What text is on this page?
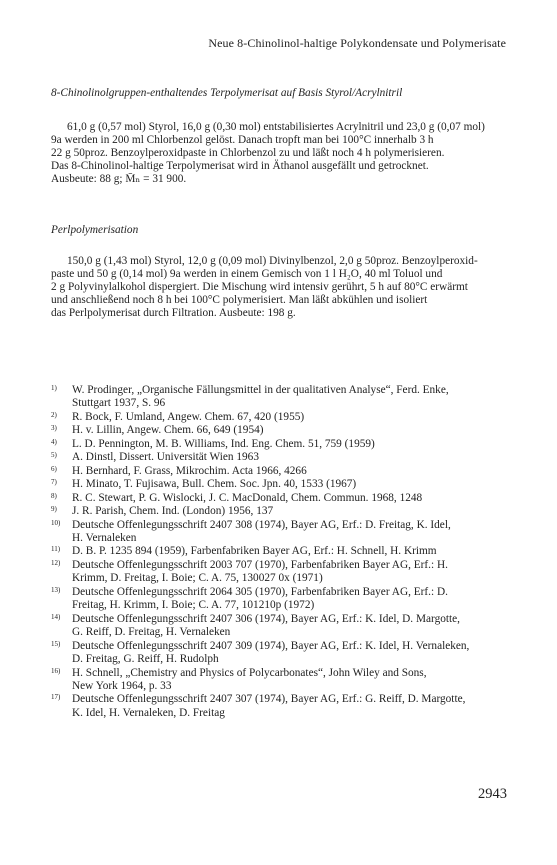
Neue 8-Chinolinol-haltige Polykondensate und Polymerisate
8-Chinolinolgruppen-enthaltendes Terpolymerisat auf Basis Styrol/Acrylnitril
61,0 g (0,57 mol) Styrol, 16,0 g (0,30 mol) entstabilisiertes Acrylnitril und 23,0 g (0,07 mol)
9a werden in 200 ml Chlorbenzol gelöst. Danach tropft man bei 100°C innerhalb 3 h
22 g 50proz. Benzoylperoxidpaste in Chlorbenzol zu und läßt noch 4 h polymerisieren.
Das 8-Chinolinol-haltige Terpolymerisat wird in Äthanol ausgefällt und getrocknet.
Ausbeute: 88 g; M̄ₙ = 31 900.
Perlpolymerisation
150,0 g (1,43 mol) Styrol, 12,0 g (0,09 mol) Divinylbenzol, 2,0 g 50proz. Benzoylperoxid-
paste und 50 g (0,14 mol) 9a werden in einem Gemisch von 1 l H₂O, 40 ml Toluol und
2 g Polyvinylalkohol dispergiert. Die Mischung wird intensiv gerührt, 5 h auf 80°C erwärmt
und anschließend noch 8 h bei 100°C polymerisiert. Man läßt abkühlen und isoliert
das Perlpolymerisat durch Filtration. Ausbeute: 198 g.
1) W. Prodinger, „Organische Fällungsmittel in der qualitativen Analyse“, Ferd. Enke,
Stuttgart 1937, S. 96
2) R. Bock, F. Umland, Angew. Chem. 67, 420 (1955)
3) H. v. Lillin, Angew. Chem. 66, 649 (1954)
4) L. D. Pennington, M. B. Williams, Ind. Eng. Chem. 51, 759 (1959)
5) A. Dinstl, Dissert. Universität Wien 1963
6) H. Bernhard, F. Grass, Mikrochim. Acta 1966, 4266
7) H. Minato, T. Fujisawa, Bull. Chem. Soc. Jpn. 40, 1533 (1967)
8) R. C. Stewart, P. G. Wislocki, J. C. MacDonald, Chem. Commun. 1968, 1248
9) J. R. Parish, Chem. Ind. (London) 1956, 137
10) Deutsche Offenlegungsschrift 2407 308 (1974), Bayer AG, Erf.: D. Freitag, K. Idel,
H. Vernaleken
11) D. B. P. 1235 894 (1959), Farbenfabriken Bayer AG, Erf.: H. Schnell, H. Krimm
12) Deutsche Offenlegungsschrift 2003 707 (1970), Farbenfabriken Bayer AG, Erf.: H.
Krimm, D. Freitag, I. Boie; C. A. 75, 130027 0x (1971)
13) Deutsche Offenlegungsschrift 2064 305 (1970), Farbenfabriken Bayer AG, Erf.: D.
Freitag, H. Krimm, I. Boie; C. A. 77, 101210p (1972)
14) Deutsche Offenlegungsschrift 2407 306 (1974), Bayer AG, Erf.: K. Idel, D. Margotte,
G. Reiff, D. Freitag, H. Vernaleken
15) Deutsche Offenlegungsschrift 2407 309 (1974), Bayer AG, Erf.: K. Idel, H. Vernaleken,
D. Freitag, G. Reiff, H. Rudolph
16) H. Schnell, „Chemistry and Physics of Polycarbonates“, John Wiley and Sons,
New York 1964, p. 33
17) Deutsche Offenlegungsschrift 2407 307 (1974), Bayer AG, Erf.: G. Reiff, D. Margotte,
K. Idel, H. Vernaleken, D. Freitag
2943
